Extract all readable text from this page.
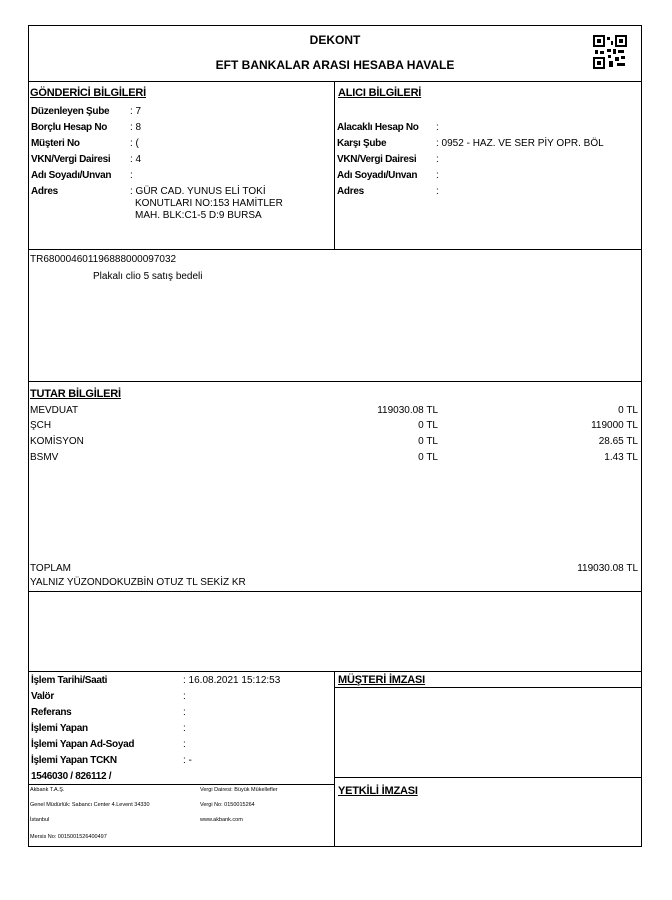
DEKONT
EFT BANKALAR ARASI HESABA HAVALE
GÖNDERİCİ BİLGİLERİ	ALICI BİLGİLERİ
Düzenleyen Şube : 7
Borçlu Hesap No : 8
Müşteri No	: (
VKN/Vergi Dairesi : 4
Adı Soyadı/Unvan :
Adres	: GÜR CAD. YUNUS ELİ TOKİ
KONUTLARI NO:153 HAMİTLER
MAH. BLK:C1-5 D:9 BURSA
Alacaklı Hesap No :
Karşı Şube	: 0952 - HAZ. VE SER PİY OPR. BÖL
VKN/Vergi Dairesi :
Adı Soyadı/Unvan :
Adres	:
TR680004601196888000097032
Plakalı clio 5 satış bedeli
TUTAR BİLGİLERİ
MEVDUAT	119030.08 TL	0 TL
ŞCH	0 TL	119000 TL
KOMİSYON	0 TL	28.65 TL
BSMV	0 TL	1.43 TL
TOPLAM	119030.08 TL
YALNIZ YÜZONDOKUZBİN OTUZ TL SEKİZ KR
İşlem Tarihi/Saati	: 16.08.2021 15:12:53
Valör	:
Referans	:
İşlemi Yapan	:
İşlemi Yapan Ad-Soyad	:
İşlemi Yapan TCKN	: -
1546030 / 826112 /
MÜŞTERİ İMZASI
YETKİLİ İMZASI
Akbank T.A.Ş.
Genel Müdürlük: Sabancı Center 4.Levent 34330
İstanbul
Mersis No: 0015001526400497
Vergi Dairesi: Büyük Mükellefler
Vergi No: 0150015264
www.akbank.com
